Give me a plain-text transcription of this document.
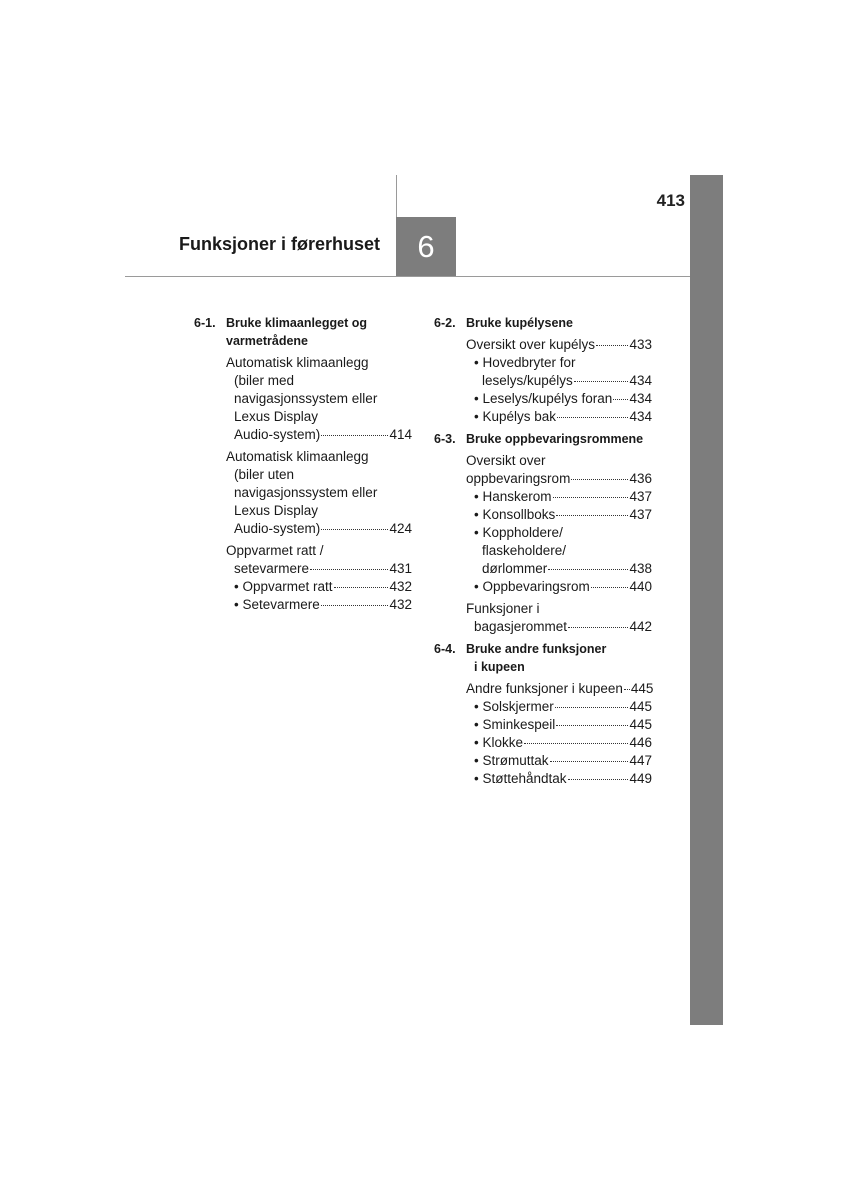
413
Funksjoner i førerhuset	6
6-1. Bruke klimaanlegget og
varmetrådene
Automatisk klimaanlegg
(biler med
navigasjonssystem eller
Lexus Display
Audio-system)	414
Automatisk klimaanlegg
(biler uten
navigasjonssystem eller
Lexus Display
Audio-system)	424
Oppvarmet ratt /
setevarmere	431
• Oppvarmet ratt	432
• Setevarmere	432
6-2. Bruke kupélysene
Oversikt over kupélys	433
• Hovedbryter for
leselys/kupélys	434
• Leselys/kupélys foran 434
• Kupélys bak	434
6-3. Bruke oppbevaringsrommene
Oversikt over
oppbevaringsrom	436
• Hanskerom	437
• Konsollboks	437
• Koppholdere/
flaskeholdere/
dørlommer	438
• Oppbevaringsrom	440
Funksjoner i
bagasjerommet	442
6-4. Bruke andre funksjoner
i kupeen
Andre funksjoner i kupeen 445
• Solskjermer	445
• Sminkespeil	445
• Klokke	446
• Strømuttak	447
• Støttehåndtak	449
